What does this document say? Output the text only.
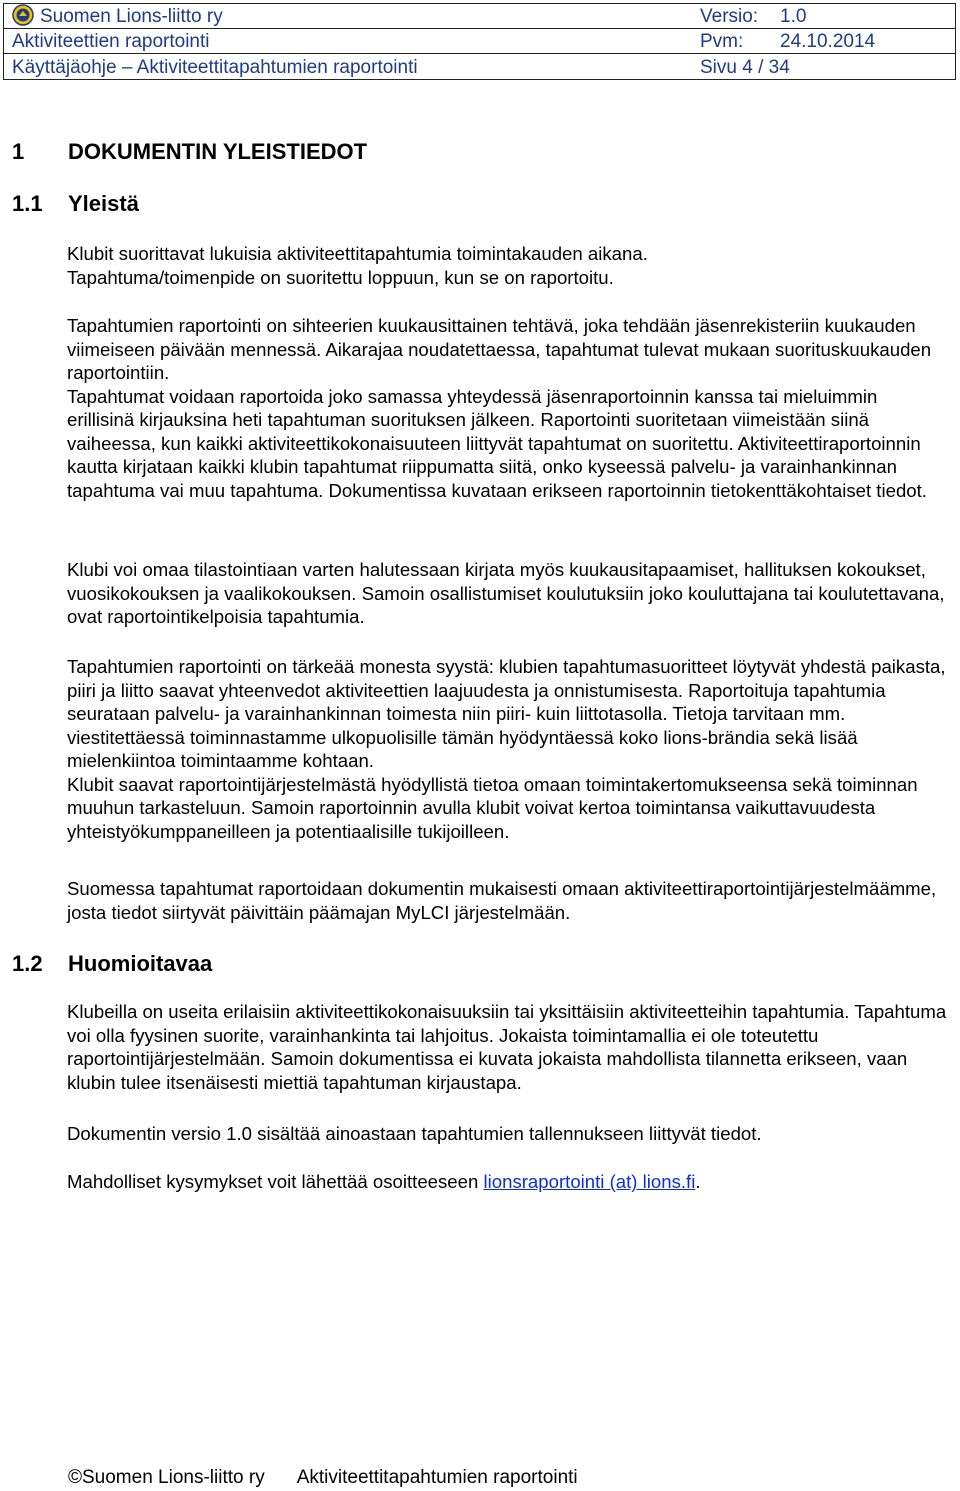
Suomen Lions-liitto ry	Versio:	1.0
Aktiviteettien raportointi	Pvm:	24.10.2014
Käyttäjäohje – Aktiviteettitapahtumien raportointi	Sivu 4 / 34
1 DOKUMENTIN YLEISTIEDOT
1.1 Yleistä

Klubit suorittavat lukuisia aktiviteettitapahtumia toimintakauden aikana. Tapahtuma/toimenpide on suoritettu loppuun, kun se on raportoitu.

Tapahtumien raportointi on sihteerien kuukausittainen tehtävä, joka tehdään jäsenrekisteriin kuukauden viimeiseen päivään mennessä. Aikarajaa noudatettaessa, tapahtumat tulevat mukaan suorituskuukauden raportointiin.

Tapahtumat voidaan raportoida joko samassa yhteydessä jäsenraportoinnin kanssa tai mieluimmin erillisinä kirjauksina heti tapahtuman suorituksen jälkeen. Raportointi suoritetaan viimeistään siinä vaiheessa, kun kaikki aktiviteettikokonaisuuteen liittyvät tapahtumat on suoritettu. Aktiviteettiraportoinnin kautta kirjataan kaikki klubin tapahtumat riippumatta siitä, onko kyseessä palvelu- ja varainhankinnan tapahtuma vai muu tapahtuma. Dokumentissa kuvataan erikseen raportoinnin tietokenttäkohtaiset tiedot.

Klubi voi omaa tilastointiaan varten halutessaan kirjata myös kuukausitapaamiset, hallituksen kokoukset, vuosikokouksen ja vaalikokouksen. Samoin osallistumiset koulutuksiin joko kouluttajana tai koulutettavana, ovat raportointikelpoisia tapahtumia.

Tapahtumien raportointi on tärkeää monesta syystä: klubien tapahtumasuoritteet löytyvät yhdestä paikasta, piiri ja liitto saavat yhteenvedot aktiviteettien laajuudesta ja onnistumisesta. Raportoituja tapahtumia seurataan palvelu- ja varainhankinnan toimesta niin piiri- kuin liittotasolla. Tietoja tarvitaan mm. viestitettäessä toiminnastamme ulkopuolisille tämän hyödyntäessä koko lions-brändia sekä lisää mielenkiintoa toimintaamme kohtaan.

Klubit saavat raportointijärjestelmästä hyödyllistä tietoa omaan toimintakertomukseensa sekä toiminnan muuhun tarkasteluun. Samoin raportoinnin avulla klubit voivat kertoa toimintansa vaikuttavuudesta yhteistyökumppaneilleen ja potentiaalisille tukijoilleen.

Suomessa tapahtumat raportoidaan dokumentin mukaisesti omaan aktiviteettiraportointijärjestelmäämme, josta tiedot siirtyvät päivittäin päämajan MyLCI järjestelmään.

1.2 Huomioitavaa

Klubeilla on useita erilaisiin aktiviteettikokonaisuuksiin tai yksittäisiin aktiviteetteihin tapahtumia. Tapahtuma voi olla fyysinen suorite, varainhankinta tai lahjoitus. Jokaista toimintamallia ei ole toteutettu raportointijärjestelmään. Samoin dokumentissa ei kuvata jokaista mahdollista tilannetta erikseen, vaan klubin tulee itsenäisesti miettiä tapahtuman kirjaustapa.

Dokumentin versio 1.0 sisältää ainoastaan tapahtumien tallennukseen liittyvät tiedot.

Mahdolliset kysymykset voit lähettää osoitteeseen lionsraportointi (at) lions.fi.

©Suomen Lions-liitto ry Aktiviteettitapahtumien raportointi
